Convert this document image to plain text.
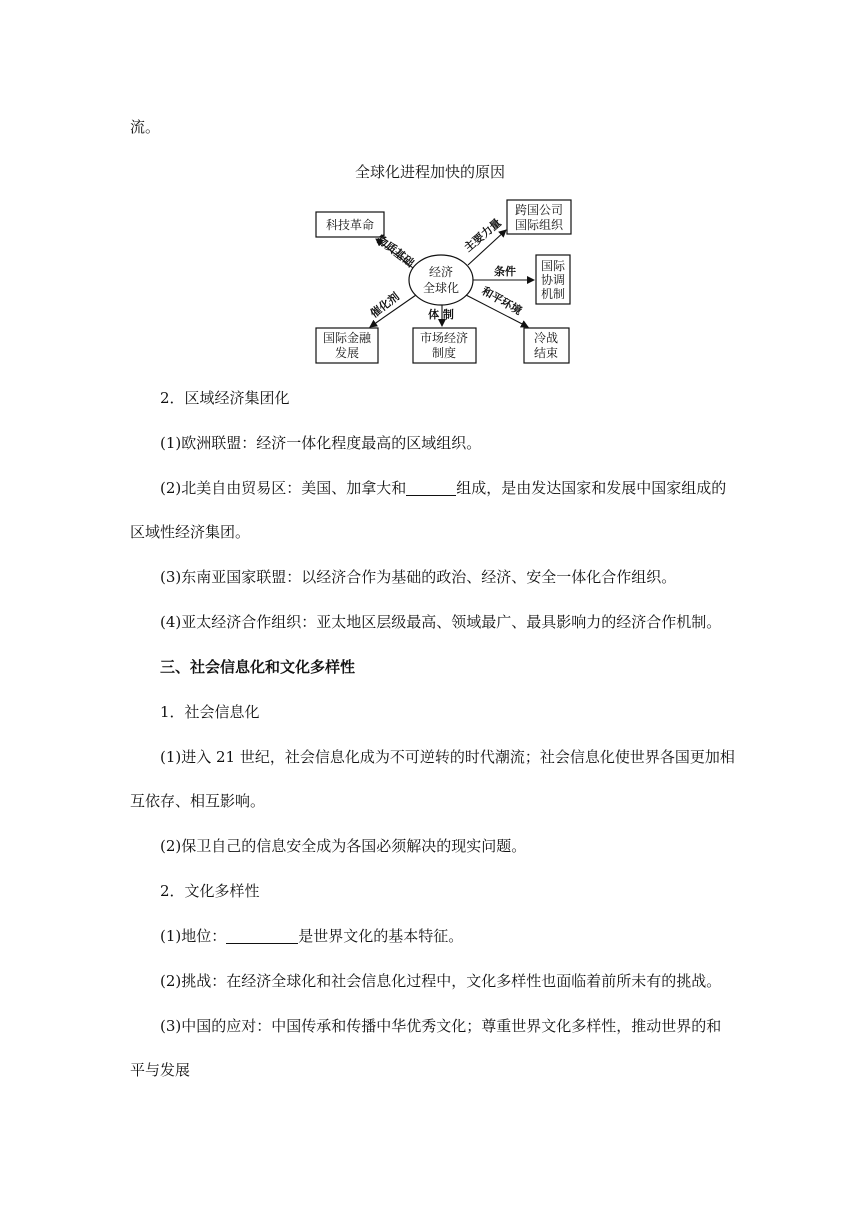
流。
全球化进程加快的原因
经济
全球化
科技革命
跨国公司
国际组织
国际
协调
机制
国际金融
发展
市场经济
制度
冷战
结束
物质基础	主要力量
条件
催化剂 体 制 和平环境
2．区域经济集团化
(1)欧洲联盟：经济一体化程度最高的区域组织。
(2)北美自由贸易区：美国、加拿大和	组成，是由发达国家和发展中国家组成的
区域性经济集团。
(3)东南亚国家联盟：以经济合作为基础的政治、经济、安全一体化合作组织。
(4)亚太经济合作组织：亚太地区层级最高、领域最广、最具影响力的经济合作机制。
三、社会信息化和文化多样性
1．社会信息化
(1)进入 21 世纪，社会信息化成为不可逆转的时代潮流；社会信息化使世界各国更加相
互依存、相互影响。
(2)保卫自己的信息安全成为各国必须解决的现实问题。
2．文化多样性
(1)地位：	是世界文化的基本特征。
(2)挑战：在经济全球化和社会信息化过程中，文化多样性也面临着前所未有的挑战。
(3)中国的应对：中国传承和传播中华优秀文化；尊重世界文化多样性，推动世界的和
平与发展
